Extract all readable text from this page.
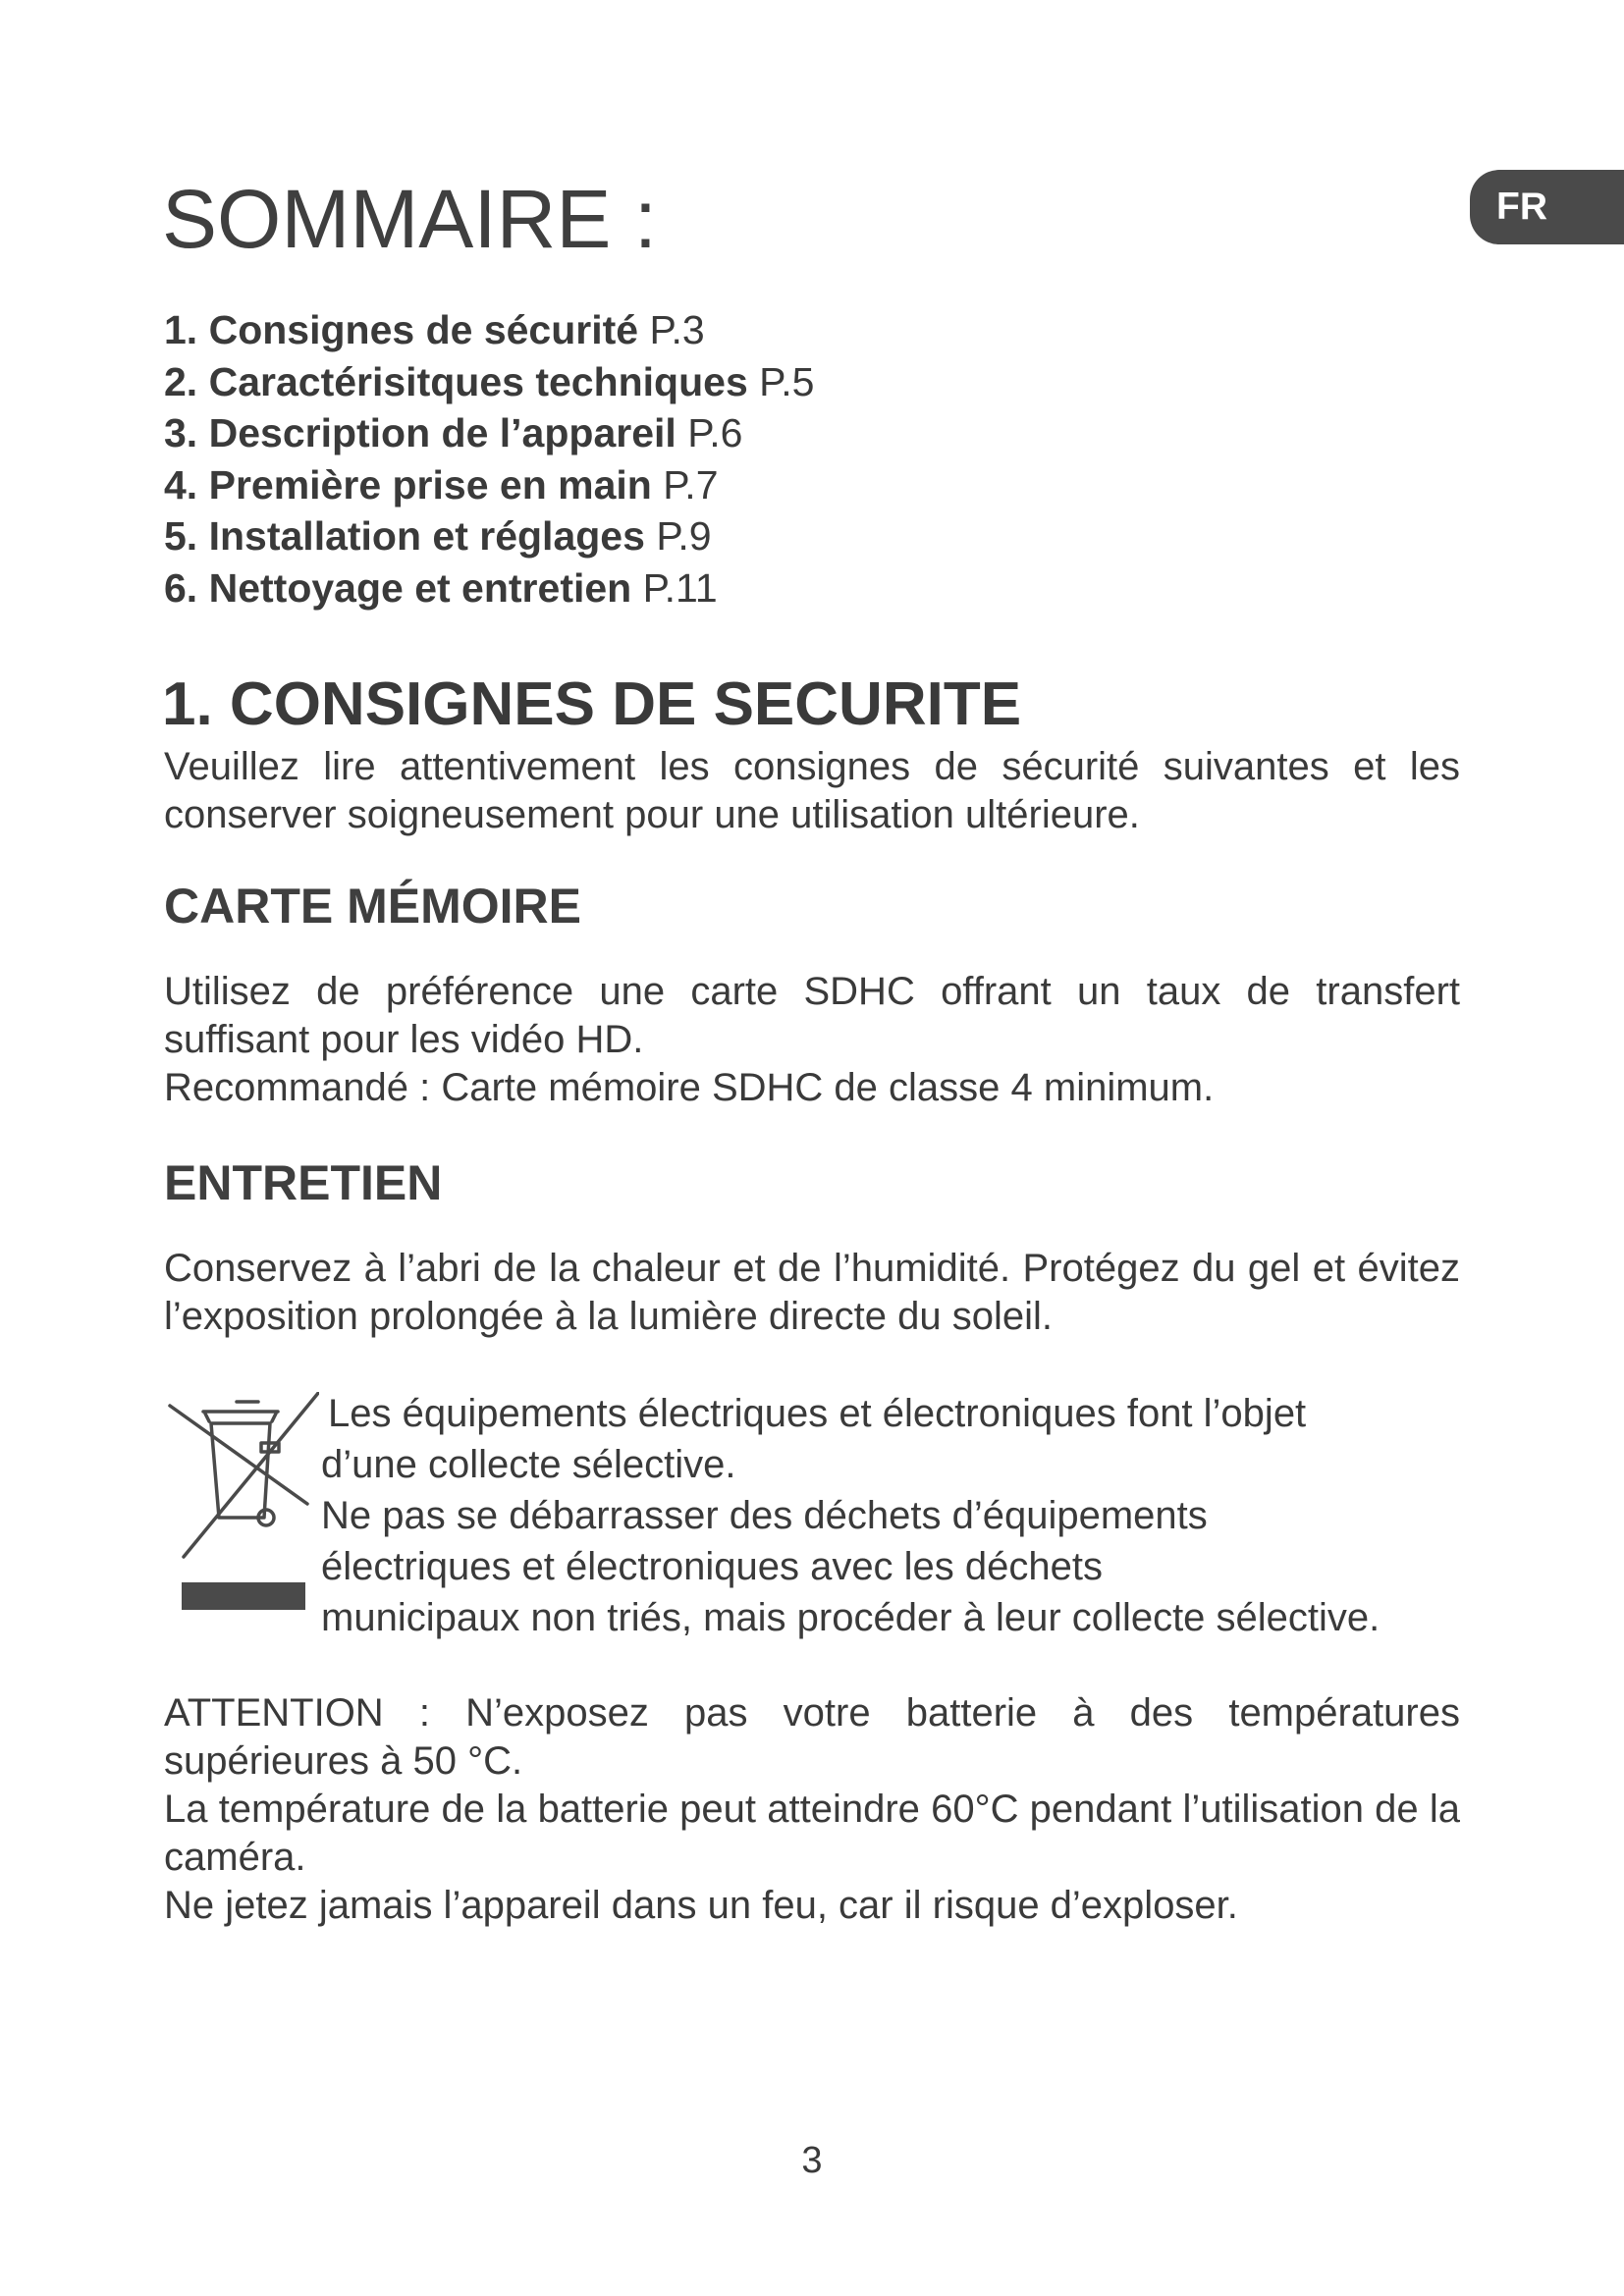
FR
SOMMAIRE :
1. Consignes de sécurité P.3
2. Caractérisitques techniques P.5
3. Description de l’appareil P.6
4. Première prise en main P.7
5. Installation et réglages P.9
6. Nettoyage et entretien P.11
1. CONSIGNES DE SECURITE

Veuillez lire attentivement les consignes de sécurité suivantes et les conserver soigneusement pour une utilisation ultérieure.

CARTE MÉMOIRE

Utilisez de préférence une carte SDHC offrant un taux de transfert suffisant pour les vidéo HD.
Recommandé : Carte mémoire SDHC de classe 4 minimum.

ENTRETIEN

Conservez à l’abri de la chaleur et de l’humidité. Protégez du gel et évitez l’exposition prolongée à la lumière directe du soleil.

Les équipements électriques et électroniques font l’objet
d’une collecte sélective.
Ne pas se débarrasser des déchets d’équipements
électriques et électroniques avec les déchets
municipaux non triés, mais procéder à leur collecte sélective.
ATTENTION : N’exposez pas votre batterie à des températures supérieures à 50 °C.
La température de la batterie peut atteindre 60°C pendant l’utilisation de la caméra.
Ne jetez jamais l’appareil dans un feu, car il risque d’exploser.
3
